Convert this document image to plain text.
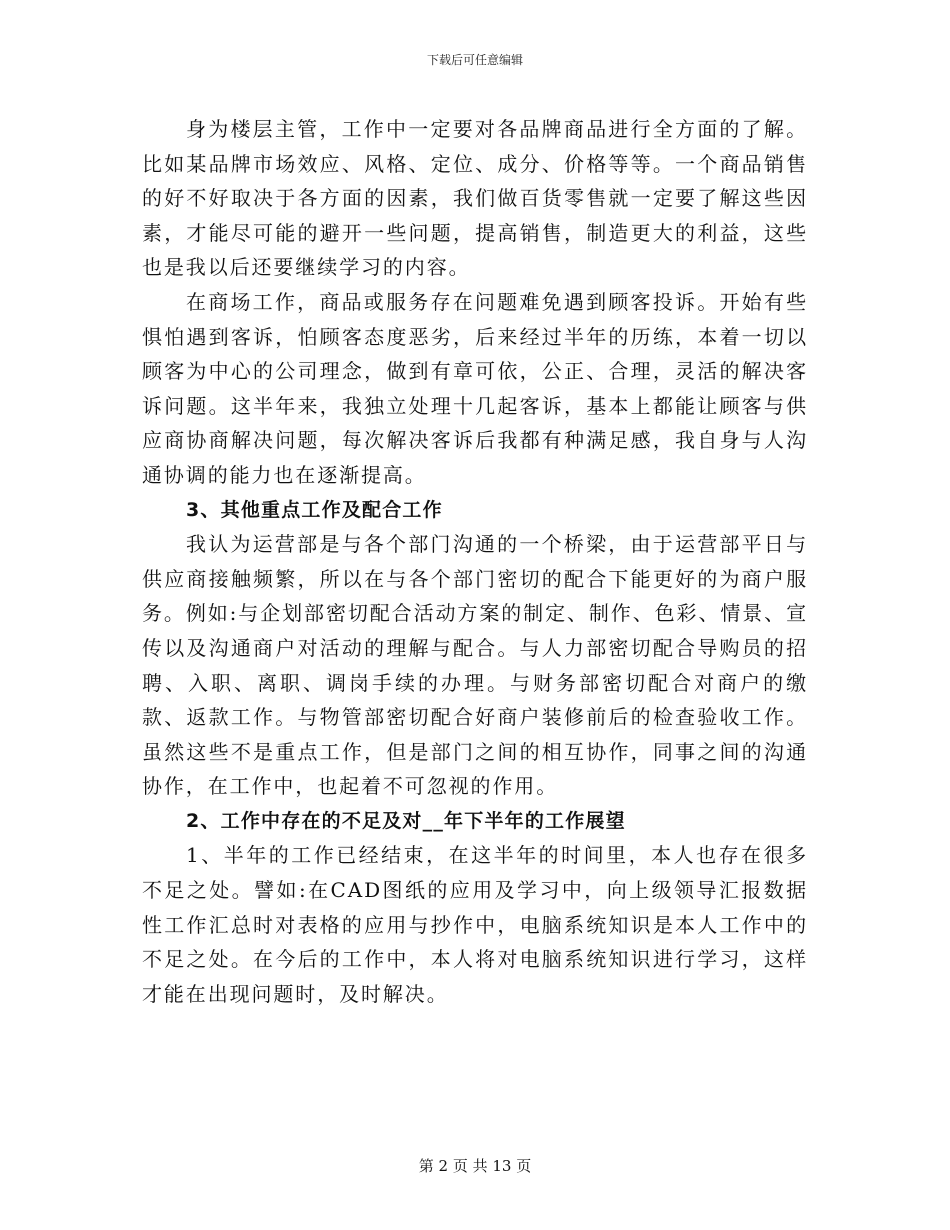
下载后可任意编辑

身为楼层主管，工作中一定要对各品牌商品进行全方面的了解。比如某品牌市场效应、风格、定位、成分、价格等等。一个商品销售的好不好取决于各方面的因素，我们做百货零售就一定要了解这些因素，才能尽可能的避开一些问题，提高销售，制造更大的利益，这些也是我以后还要继续学习的内容。

在商场工作，商品或服务存在问题难免遇到顾客投诉。开始有些惧怕遇到客诉，怕顾客态度恶劣，后来经过半年的历练，本着一切以顾客为中心的公司理念，做到有章可依，公正、合理，灵活的解决客诉问题。这半年来，我独立处理十几起客诉，基本上都能让顾客与供应商协商解决问题，每次解决客诉后我都有种满足感，我自身与人沟通协调的能力也在逐渐提高。

3、其他重点工作及配合工作

我认为运营部是与各个部门沟通的一个桥梁，由于运营部平日与供应商接触频繁，所以在与各个部门密切的配合下能更好的为商户服务。例如:与企划部密切配合活动方案的制定、制作、色彩、情景、宣传以及沟通商户对活动的理解与配合。与人力部密切配合导购员的招聘、入职、离职、调岗手续的办理。与财务部密切配合对商户的缴款、返款工作。与物管部密切配合好商户装修前后的检查验收工作。虽然这些不是重点工作，但是部门之间的相互协作，同事之间的沟通协作，在工作中，也起着不可忽视的作用。

2、工作中存在的不足及对__年下半年的工作展望

1、半年的工作已经结束，在这半年的时间里，本人也存在很多不足之处。譬如:在CAD图纸的应用及学习中，向上级领导汇报数据性工作汇总时对表格的应用与抄作中，电脑系统知识是本人工作中的不足之处。在今后的工作中，本人将对电脑系统知识进行学习，这样才能在出现问题时，及时解决。

第 2 页 共 13 页
